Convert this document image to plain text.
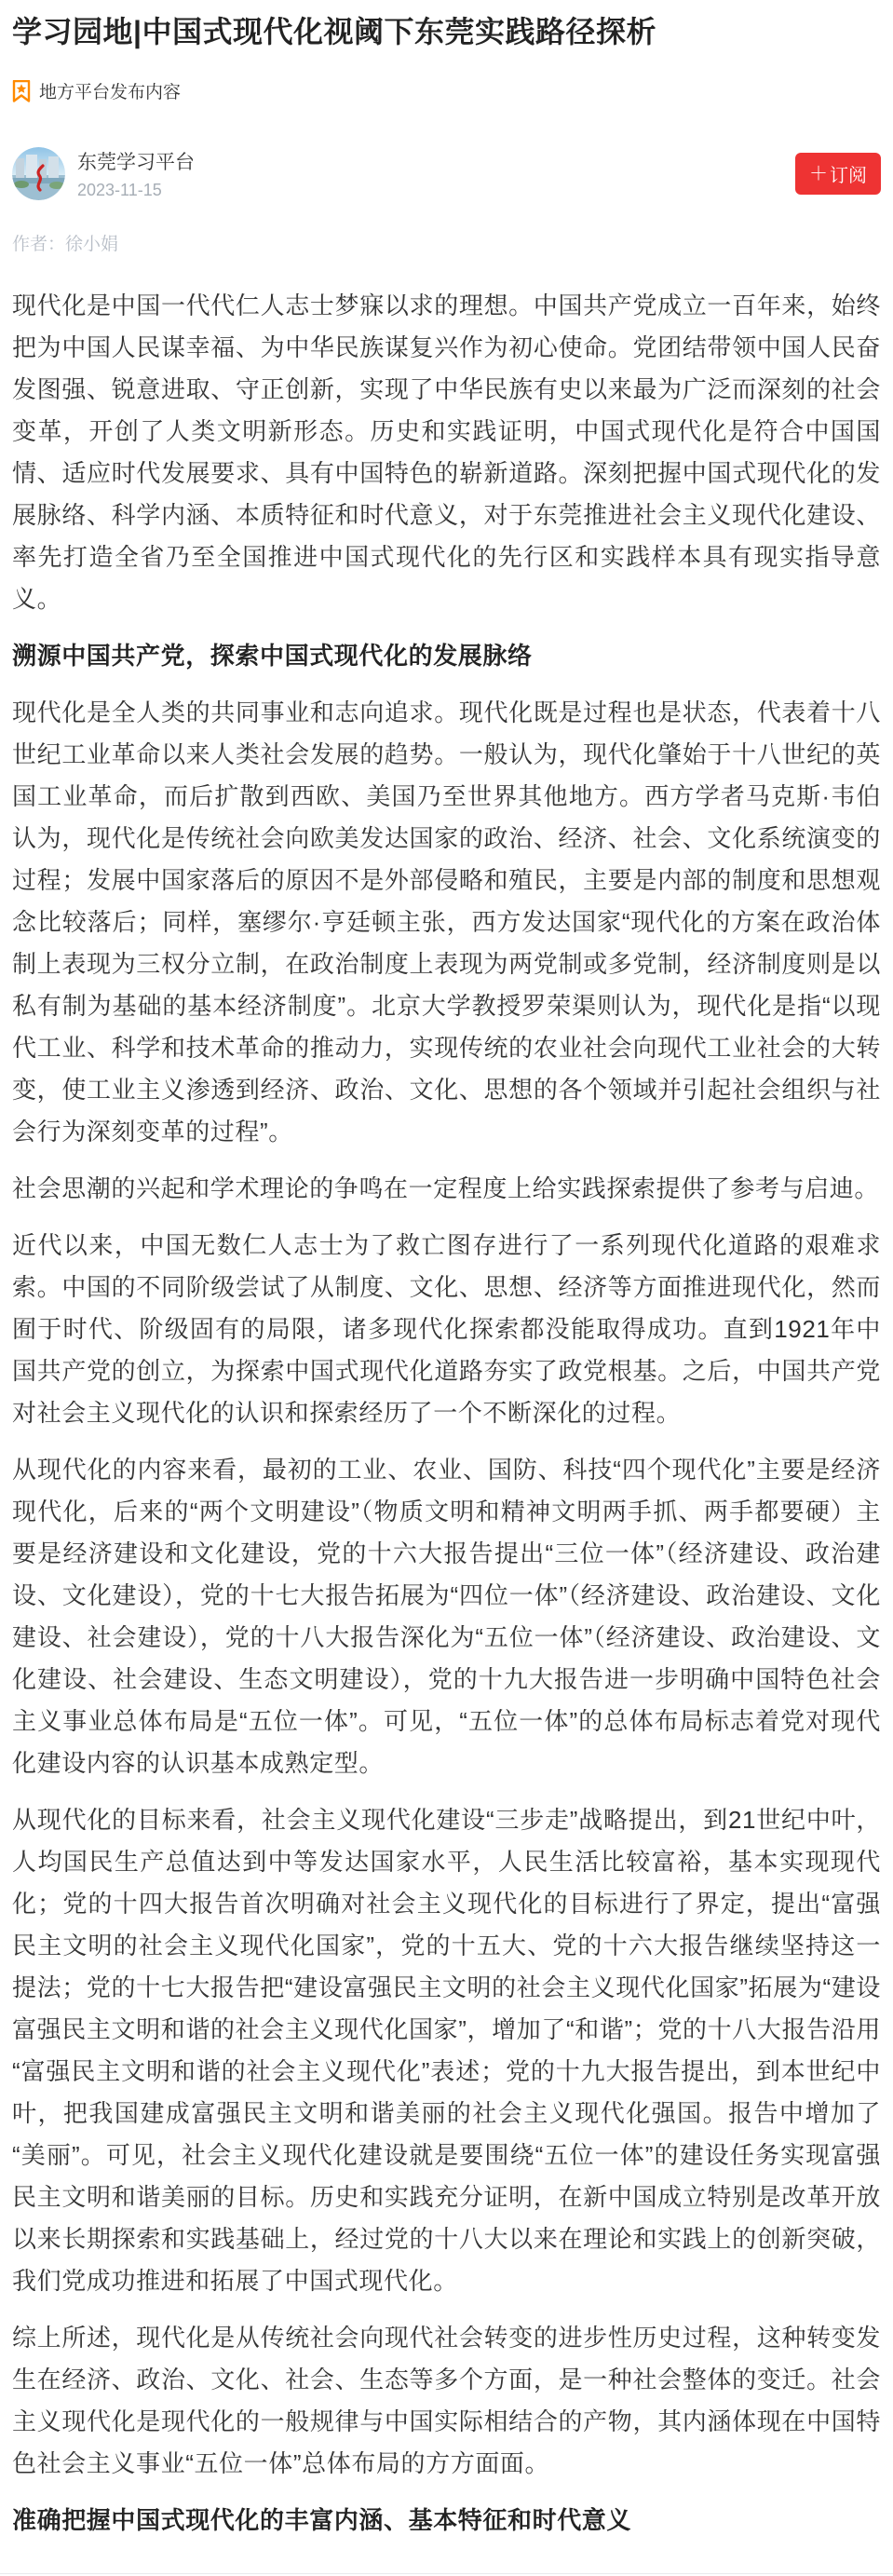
学习园地|中国式现代化视阈下东莞实践路径探析
地方平台发布内容
东莞学习平台
2023-11-15
＋ 订阅
作者：徐小娟

现代化是中国一代代仁人志士梦寐以求的理想。中国共产党成立一百年来，始终把为中国人民谋幸福、为中华民族谋复兴作为初心使命。党团结带领中国人民奋发图强、锐意进取、守正创新，实现了中华民族有史以来最为广泛而深刻的社会变革，开创了人类文明新形态。历史和实践证明，中国式现代化是符合中国国情、适应时代发展要求、具有中国特色的崭新道路。深刻把握中国式现代化的发展脉络、科学内涵、本质特征和时代意义，对于东莞推进社会主义现代化建设、率先打造全省乃至全国推进中国式现代化的先行区和实践样本具有现实指导意义。

溯源中国共产党，探索中国式现代化的发展脉络

现代化是全人类的共同事业和志向追求。现代化既是过程也是状态，代表着十八世纪工业革命以来人类社会发展的趋势。一般认为，现代化肇始于十八世纪的英国工业革命，而后扩散到西欧、美国乃至世界其他地方。西方学者马克斯·韦伯认为，现代化是传统社会向欧美发达国家的政治、经济、社会、文化系统演变的过程；发展中国家落后的原因不是外部侵略和殖民，主要是内部的制度和思想观念比较落后；同样，塞缪尔·亨廷顿主张，西方发达国家“现代化的方案在政治体制上表现为三权分立制，在政治制度上表现为两党制或多党制，经济制度则是以私有制为基础的基本经济制度”。北京大学教授罗荣渠则认为，现代化是指“以现代工业、科学和技术革命的推动力，实现传统的农业社会向现代工业社会的大转变，使工业主义渗透到经济、政治、文化、思想的各个领域并引起社会组织与社会行为深刻变革的过程”。

社会思潮的兴起和学术理论的争鸣在一定程度上给实践探索提供了参考与启迪。

近代以来，中国无数仁人志士为了救亡图存进行了一系列现代化道路的艰难求索。中国的不同阶级尝试了从制度、文化、思想、经济等方面推进现代化，然而囿于时代、阶级固有的局限，诸多现代化探索都没能取得成功。直到1921年中国共产党的创立，为探索中国式现代化道路夯实了政党根基。之后，中国共产党对社会主义现代化的认识和探索经历了一个不断深化的过程。

从现代化的内容来看，最初的工业、农业、国防、科技“四个现代化”主要是经济现代化，后来的“两个文明建设”（物质文明和精神文明两手抓、两手都要硬）主要是经济建设和文化建设，党的十六大报告提出“三位一体”（经济建设、政治建设、文化建设），党的十七大报告拓展为“四位一体”（经济建设、政治建设、文化建设、社会建设），党的十八大报告深化为“五位一体”（经济建设、政治建设、文化建设、社会建设、生态文明建设），党的十九大报告进一步明确中国特色社会主义事业总体布局是“五位一体”。可见，“五位一体”的总体布局标志着党对现代化建设内容的认识基本成熟定型。

从现代化的目标来看，社会主义现代化建设“三步走”战略提出，到21世纪中叶，人均国民生产总值达到中等发达国家水平，人民生活比较富裕，基本实现现代化；党的十四大报告首次明确对社会主义现代化的目标进行了界定，提出“富强民主文明的社会主义现代化国家”，党的十五大、党的十六大报告继续坚持这一提法；党的十七大报告把“建设富强民主文明的社会主义现代化国家”拓展为“建设富强民主文明和谐的社会主义现代化国家”，增加了“和谐”；党的十八大报告沿用“富强民主文明和谐的社会主义现代化”表述；党的十九大报告提出，到本世纪中叶，把我国建成富强民主文明和谐美丽的社会主义现代化强国。报告中增加了“美丽”。可见，社会主义现代化建设就是要围绕“五位一体”的建设任务实现富强民主文明和谐美丽的目标。历史和实践充分证明，在新中国成立特别是改革开放以来长期探索和实践基础上，经过党的十八大以来在理论和实践上的创新突破，我们党成功推进和拓展了中国式现代化。

综上所述，现代化是从传统社会向现代社会转变的进步性历史过程，这种转变发生在经济、政治、文化、社会、生态等多个方面，是一种社会整体的变迁。社会主义现代化是现代化的一般规律与中国实际相结合的产物，其内涵体现在中国特色社会主义事业“五位一体”总体布局的方方面面。

准确把握中国式现代化的丰富内涵、基本特征和时代意义
